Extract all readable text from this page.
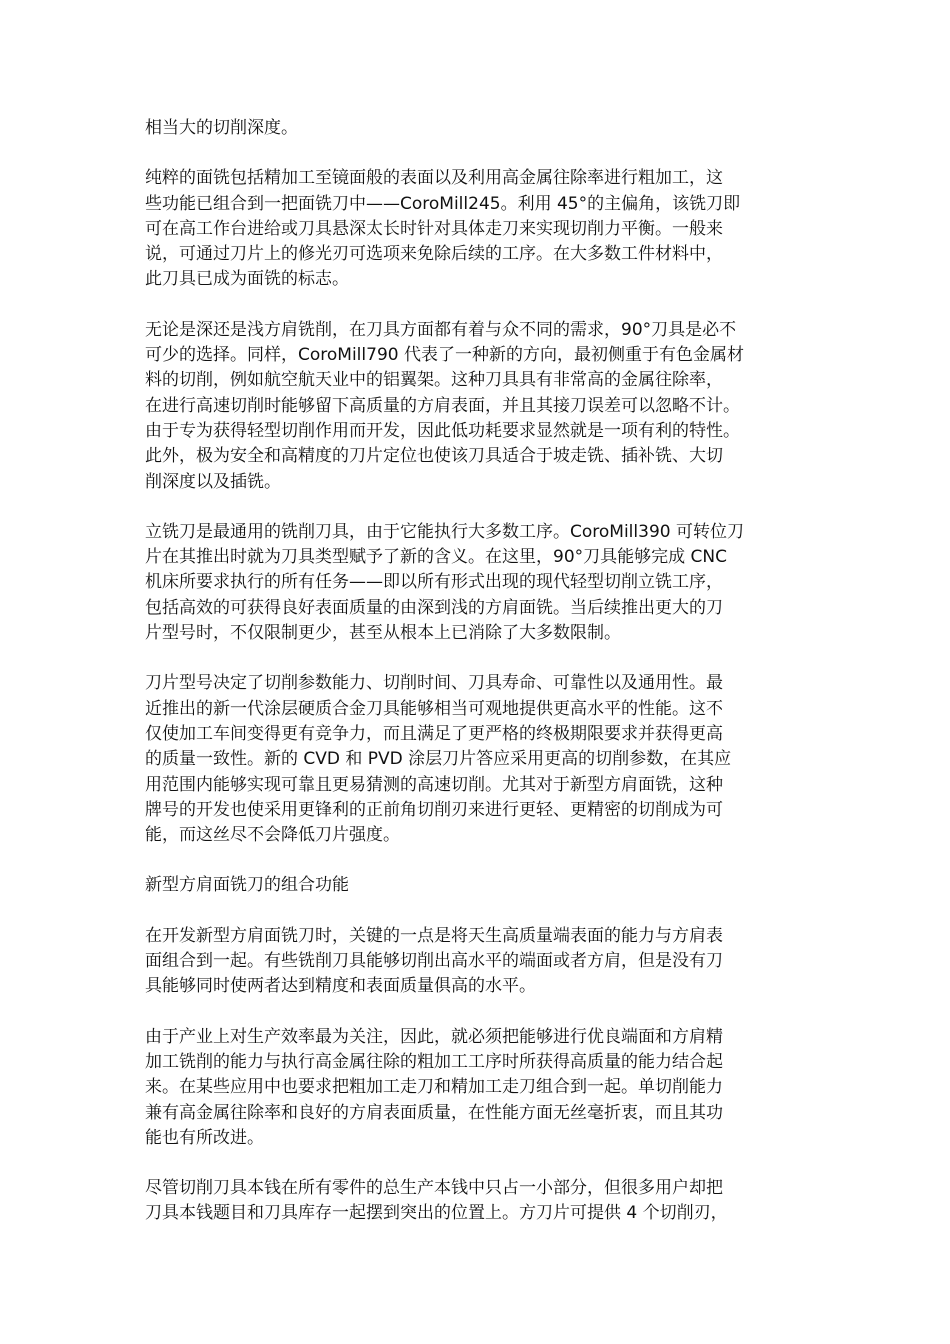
相当大的切削深度。

纯粹的面铣包括精加工至镜面般的表面以及利用高金属往除率进行粗加工，这
些功能已组合到一把面铣刀中——CoroMill245。利用 45°的主偏角，该铣刀即
可在高工作台进给或刀具悬深太长时针对具体走刀来实现切削力平衡。一般来
说，可通过刀片上的修光刃可选项来免除后续的工序。在大多数工件材料中，
此刀具已成为面铣的标志。

无论是深还是浅方肩铣削，在刀具方面都有着与众不同的需求，90°刀具是必不
可少的选择。同样，CoroMill790 代表了一种新的方向，最初侧重于有色金属材
料的切削，例如航空航天业中的铝翼架。这种刀具具有非常高的金属往除率，
在进行高速切削时能够留下高质量的方肩表面，并且其接刀误差可以忽略不计。
由于专为获得轻型切削作用而开发，因此低功耗要求显然就是一项有利的特性。
此外，极为安全和高精度的刀片定位也使该刀具适合于坡走铣、插补铣、大切
削深度以及插铣。

立铣刀是最通用的铣削刀具，由于它能执行大多数工序。CoroMill390 可转位刀
片在其推出时就为刀具类型赋予了新的含义。在这里，90°刀具能够完成 CNC
机床所要求执行的所有任务——即以所有形式出现的现代轻型切削立铣工序，
包括高效的可获得良好表面质量的由深到浅的方肩面铣。当后续推出更大的刀
片型号时，不仅限制更少，甚至从根本上已消除了大多数限制。

刀片型号决定了切削参数能力、切削时间、刀具寿命、可靠性以及通用性。最
近推出的新一代涂层硬质合金刀具能够相当可观地提供更高水平的性能。这不
仅使加工车间变得更有竞争力，而且满足了更严格的终极期限要求并获得更高
的质量一致性。新的 CVD 和 PVD 涂层刀片答应采用更高的切削参数，在其应
用范围内能够实现可靠且更易猜测的高速切削。尤其对于新型方肩面铣，这种
牌号的开发也使采用更锋利的正前角切削刃来进行更轻、更精密的切削成为可
能，而这丝尽不会降低刀片强度。

新型方肩面铣刀的组合功能

在开发新型方肩面铣刀时，关键的一点是将天生高质量端表面的能力与方肩表
面组合到一起。有些铣削刀具能够切削出高水平的端面或者方肩，但是没有刀
具能够同时使两者达到精度和表面质量俱高的水平。

由于产业上对生产效率最为关注，因此，就必须把能够进行优良端面和方肩精
加工铣削的能力与执行高金属往除的粗加工工序时所获得高质量的能力结合起
来。在某些应用中也要求把粗加工走刀和精加工走刀组合到一起。单切削能力
兼有高金属往除率和良好的方肩表面质量，在性能方面无丝毫折衷，而且其功
能也有所改进。

尽管切削刀具本钱在所有零件的总生产本钱中只占一小部分，但很多用户却把
刀具本钱题目和刀具库存一起摆到突出的位置上。方刀片可提供 4 个切削刃，
